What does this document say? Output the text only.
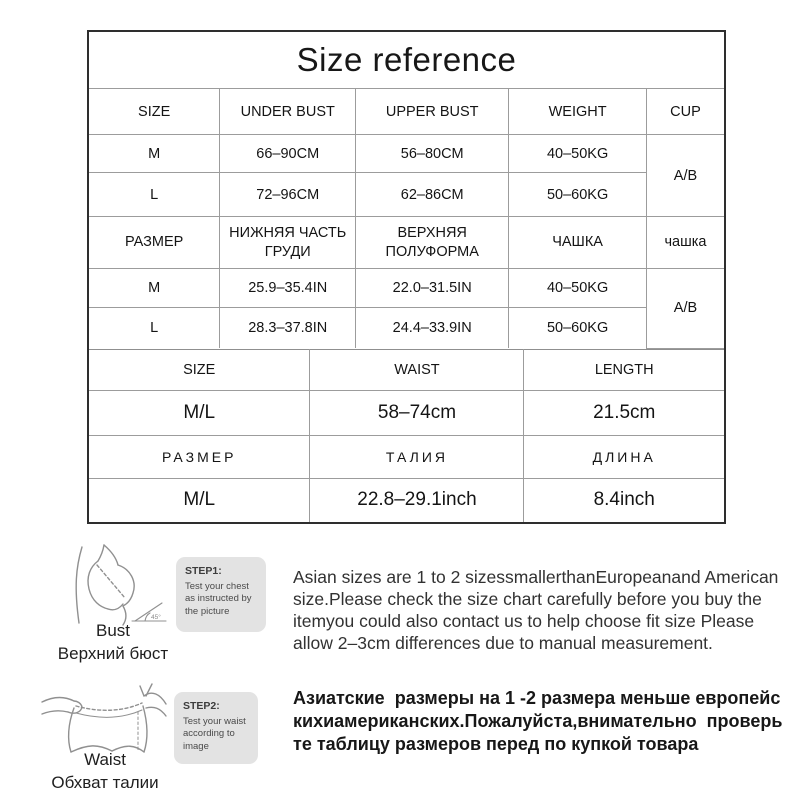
Size reference				
SIZE	UNDER BUST	UPPER BUST	WEIGHT	CUP
M	66–90CM	56–80CM	40–50KG	A/B
L	72–96CM	62–86CM	50–60KG	
РАЗМЕР	НИЖНЯЯ ЧАСТЬ ГРУДИ	ВЕРХНЯЯ ПОЛУФОРМА	ЧАШКА	чашка
M	25.9–35.4IN	22.0–31.5IN	40–50KG	A/B
L	28.3–37.8IN	24.4–33.9IN	50–60KG	
SIZE	WAIST	LENGTH
M/L	58–74cm	21.5cm
РАЗМЕР	ТАЛИЯ	ДЛИНА
M/L	22.8–29.1inch	8.4inch
45°
Bust
Верхний бюст
STEP1:
Test your chest as instructed by the picture
Waist
Обхват талии
STEP2:
Test your waist according to image
Asian sizes are 1 to 2 sizessmallerthanEuropeanand American size.Please check the size chart carefully before you buy the itemyou could also contact us to help choose fit size Please allow 2–3cm differences due to manual measurement.
Азиатские  размеры на 1 -2 размера меньше европейскихиамериканских.Пожалуйста,внимательно  проверьте таблицу размеров перед по купкой товара
